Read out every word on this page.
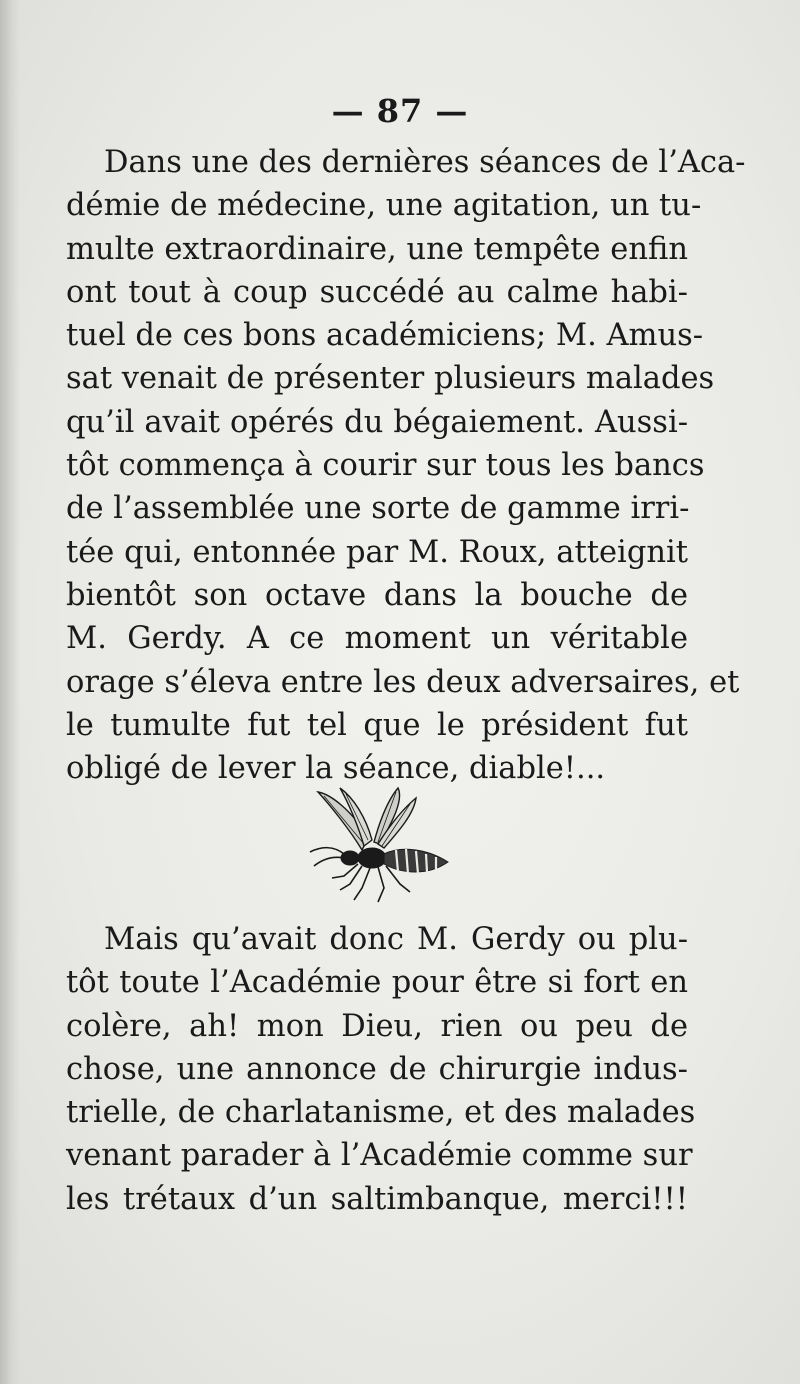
— 87 —
Dans une des dernières séances de l’Aca-
démie de médecine, une agitation, un tu-
multe extraordinaire, une tempête enfin
ont tout à coup succédé au calme habi-
tuel de ces bons académiciens; M. Amus-
sat venait de présenter plusieurs malades
qu’il avait opérés du bégaiement. Aussi-
tôt commença à courir sur tous les bancs
de l’assemblée une sorte de gamme irri-
tée qui, entonnée par M. Roux, atteignit
bientôt son octave dans la bouche de
M. Gerdy. A ce moment un véritable
orage s’éleva entre les deux adversaires, et
le tumulte fut tel que le président fut
obligé de lever la séance, diable!...
Mais qu’avait donc M. Gerdy ou plu-
tôt toute l’Académie pour être si fort en
colère, ah! mon Dieu, rien ou peu de
chose, une annonce de chirurgie indus-
trielle, de charlatanisme, et des malades
venant parader à l’Académie comme sur
les trétaux d’un saltimbanque, merci!!!
